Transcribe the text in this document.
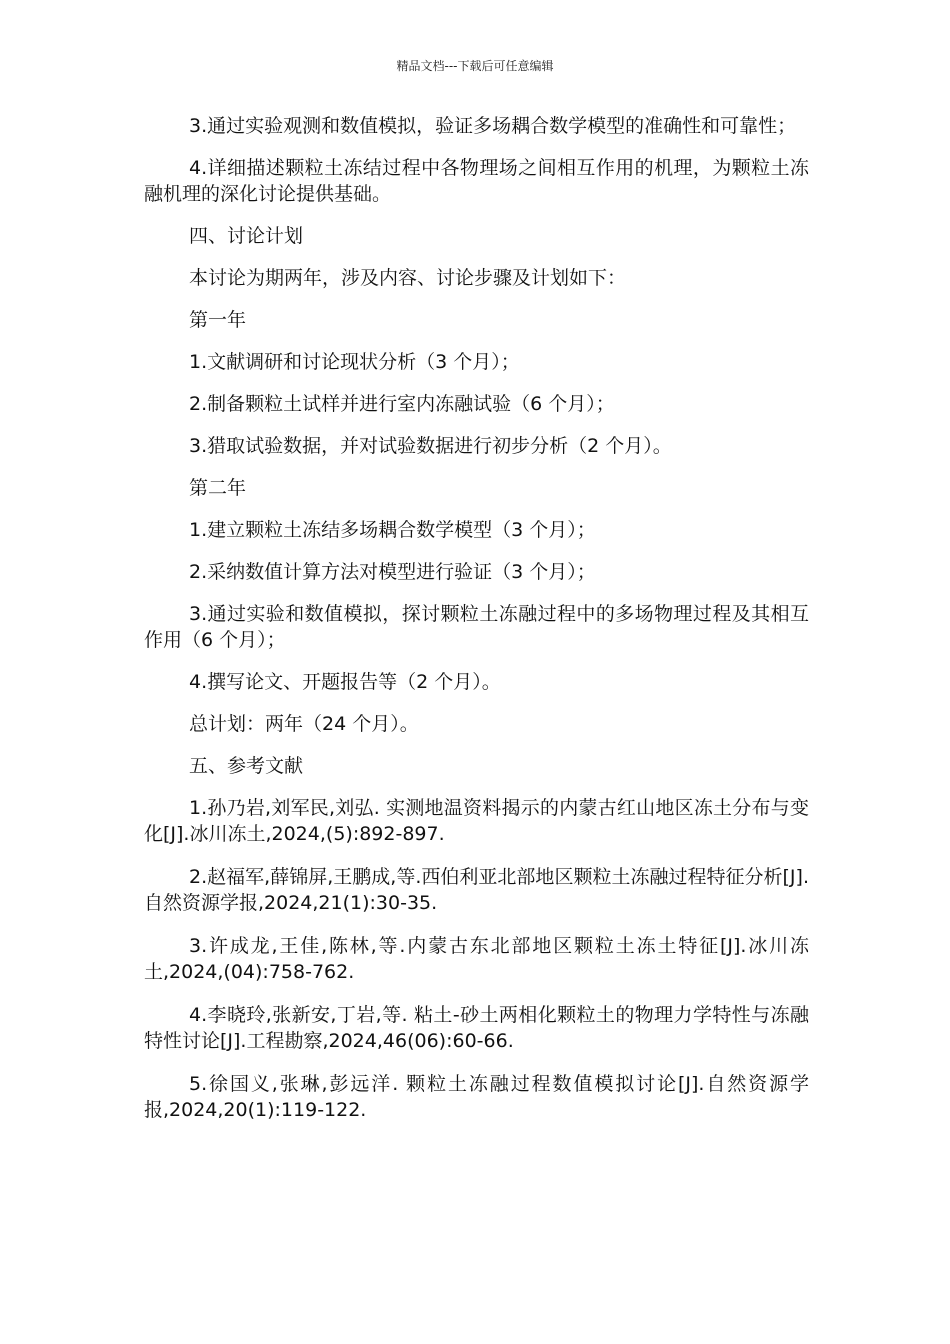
精品文档---下载后可任意编辑

3.通过实验观测和数值模拟，验证多场耦合数学模型的准确性和可靠性；

4.详细描述颗粒土冻结过程中各物理场之间相互作用的机理，为颗粒土冻融机理的深化讨论提供基础。

四、讨论计划

本讨论为期两年，涉及内容、讨论步骤及计划如下：

第一年

1.文献调研和讨论现状分析（3 个月）；

2.制备颗粒土试样并进行室内冻融试验（6 个月）；

3.猎取试验数据，并对试验数据进行初步分析（2 个月）。

第二年

1.建立颗粒土冻结多场耦合数学模型（3 个月）；

2.采纳数值计算方法对模型进行验证（3 个月）；

3.通过实验和数值模拟，探讨颗粒土冻融过程中的多场物理过程及其相互作用（6 个月）；

4.撰写论文、开题报告等（2 个月）。

总计划：两年（24 个月）。

五、参考文献

1.孙乃岩,刘军民,刘弘. 实测地温资料揭示的内蒙古红山地区冻土分布与变化[J].冰川冻土,2024,(5):892-897.

2.赵福军,薛锦屏,王鹏成,等.西伯利亚北部地区颗粒土冻融过程特征分析[J].自然资源学报,2024,21(1):30-35.

3.许成龙,王佳,陈林,等.内蒙古东北部地区颗粒土冻土特征[J].冰川冻土,2024,(04):758-762.

4.李晓玲,张新安,丁岩,等. 粘土-砂土两相化颗粒土的物理力学特性与冻融特性讨论[J].工程勘察,2024,46(06):60-66.

5.徐国义,张琳,彭远洋. 颗粒土冻融过程数值模拟讨论[J].自然资源学报,2024,20(1):119-122.
